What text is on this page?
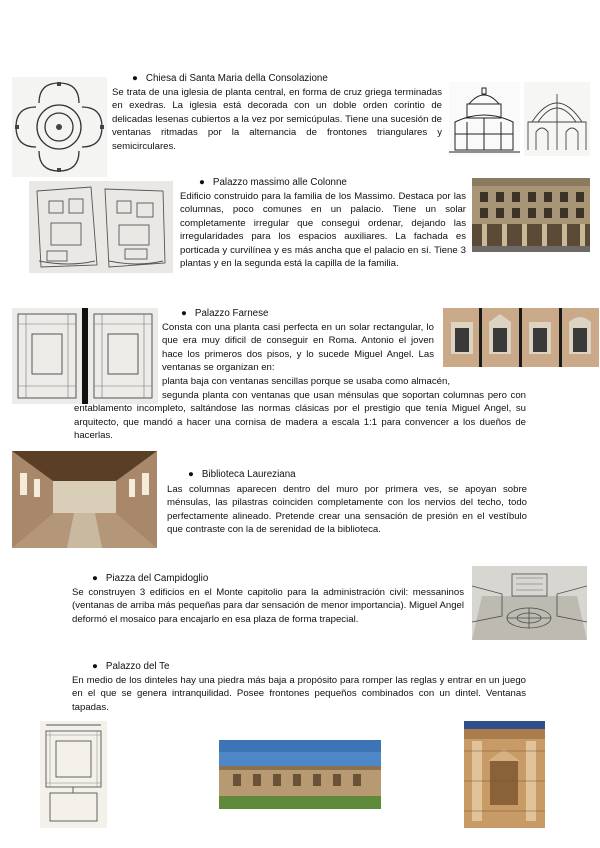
● Chiesa di Santa Maria della Consolazione
Se trata de una iglesia de planta central, en forma de cruz griega terminadas en exedras. La iglesia está decorada con un doble orden corintio de delicadas lesenas cubiertos a la vez por semicúpulas. Tiene una sucesión de ventanas ritmadas por la alternancia de frontones triangulares y semicirculares.
● Palazzo massimo alle Colonne
Edificio construido para la familia de los Massimo. Destaca por las columnas, poco comunes en un palacio. Tiene un solar completamente irregular que consegui ordenar, dejando las irregularidades para los espacios auxiliares. La fachada es porticada y curvilínea y es más ancha que el palacio en sí. Tiene 3 plantas y en la segunda está la capilla de la familia.
● Palazzo Farnese
Consta con una planta casi perfecta en un solar rectangular, lo que era muy dificil de conseguir en Roma. Antonio el joven hace los primeros dos pisos, y lo sucede Miguel Angel. Las ventanas se organizan en:
planta baja con ventanas sencillas porque se usaba como almacén,
segunda planta con ventanas que usan ménsulas que soportan columnas pero con entablamento incompleto, saltándose las normas clásicas por el prestigio que tenía Miguel Angel, su arquitecto, que mandó a hacer una cornisa de madera a escala 1:1 para convencer a los dueños de hacerlas.
● Biblioteca Laureziana
Las columnas aparecen dentro del muro por primera ves, se apoyan sobre ménsulas, las pilastras coinciden completamente con los nervios del techo, todo perfectamente alineado. Pretende crear una sensación de presión en el vestíbulo que contraste con la de serenidad de la biblioteca.
● Piazza del Campidoglio
Se construyen 3 edificios en el Monte capitolio para la administración civil: messaninos (ventanas de arriba más pequeñas para dar sensación de menor importancia). Miguel Angel deformó el mosaico para encajarlo en esa plaza de forma trapecial.
● Palazzo del Te
En medio de los dinteles hay una piedra más baja a propósito para romper las reglas y entrar en un juego en el que se genera intranquilidad. Posee frontones pequeños combinados con un dintel. Ventanas tapadas.
